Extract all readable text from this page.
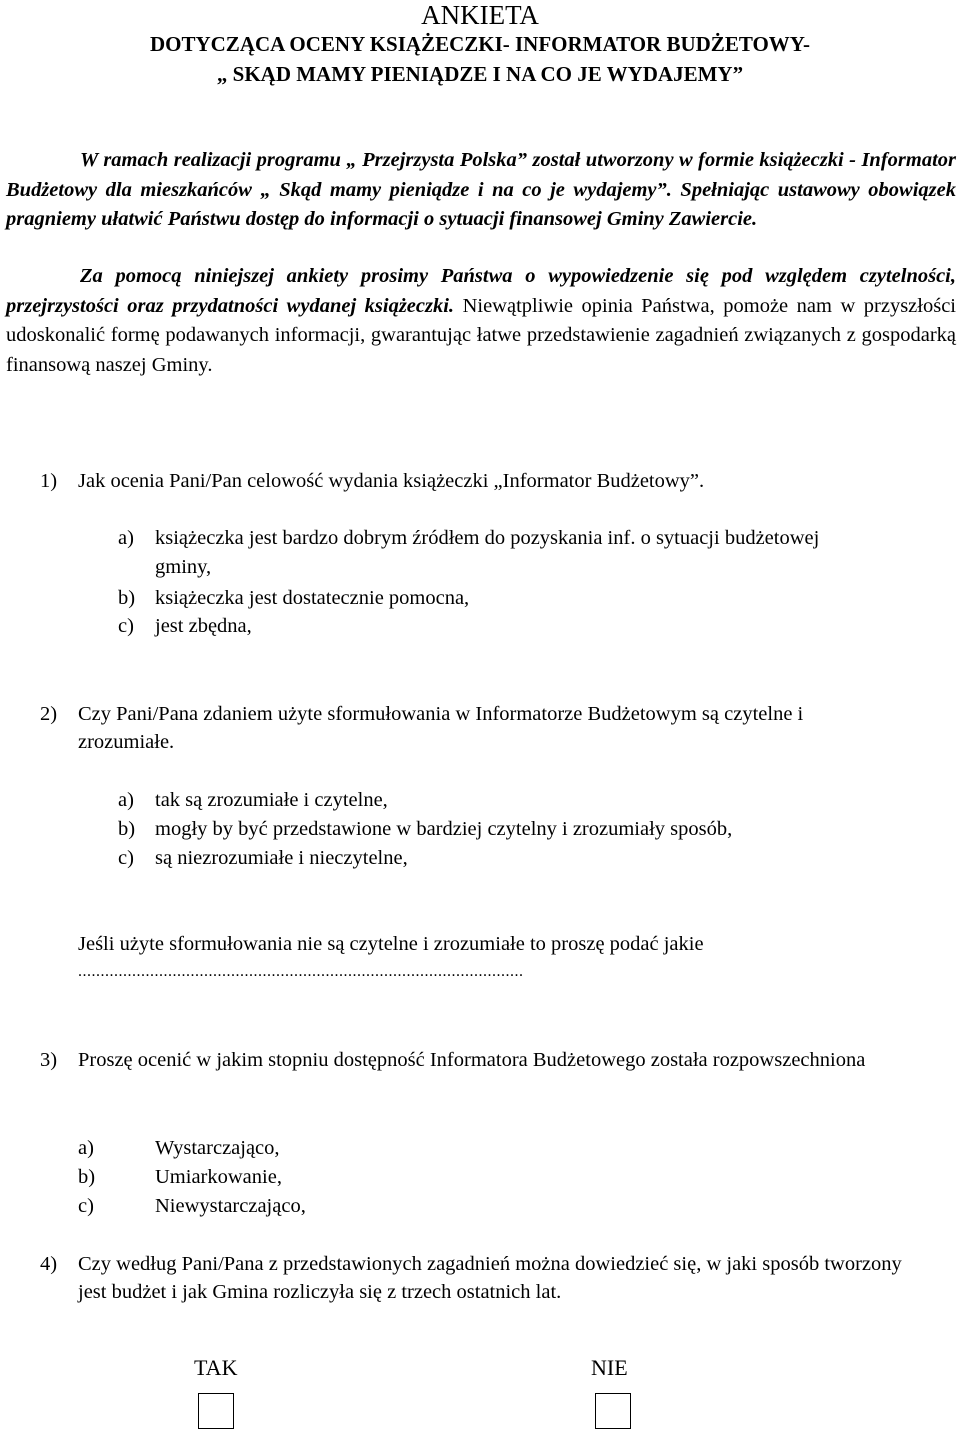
ANKIETA
DOTYCZĄCA OCENY KSIĄŻECZKI- INFORMATOR BUDŻETOWY-
„ SKĄD MAMY PIENIĄDZE I NA CO JE WYDAJEMY”
W ramach realizacji programu „ Przejrzysta Polska” został utworzony w formie książeczki - Informator Budżetowy dla mieszkańców „ Skąd mamy pieniądze i na co je wydajemy”. Spełniając ustawowy obowiązek pragniemy ułatwić Państwu dostęp do informacji o sytuacji finansowej Gminy Zawiercie.
Za pomocą niniejszej ankiety prosimy Państwa o wypowiedzenie się pod względem czytelności, przejrzystości oraz przydatności wydanej książeczki. Niewątpliwie opinia Państwa, pomoże nam w przyszłości udoskonalić formę podawanych informacji, gwarantując łatwe przedstawienie zagadnień związanych z gospodarką finansową naszej Gminy.
1) Jak ocenia Pani/Pan celowość wydania książeczki „Informator Budżetowy”.
a) książeczka jest bardzo dobrym źródłem do pozyskania inf. o sytuacji budżetowej gminy,
b) książeczka jest dostatecznie pomocna,
c) jest zbędna,
2) Czy Pani/Pana zdaniem użyte sformułowania w Informatorze Budżetowym są czytelne i zrozumiałe.
a) tak są zrozumiałe i czytelne,
b) mogły by być przedstawione w bardziej czytelny i zrozumiały sposób,
c) są niezrozumiałe i nieczytelne,
Jeśli użyte sformułowania nie są czytelne i zrozumiałe to proszę podać jakie
...................................................................................................
3) Proszę ocenić w jakim stopniu dostępność Informatora Budżetowego została rozpowszechniona
a)	Wystarczająco,
b)	Umiarkowanie,
c)	Niewystarczająco,
4) Czy według Pani/Pana z przedstawionych zagadnień można dowiedzieć się, w jaki sposób tworzony jest budżet i jak Gmina rozliczyła się z trzech ostatnich lat.
TAK	NIE
